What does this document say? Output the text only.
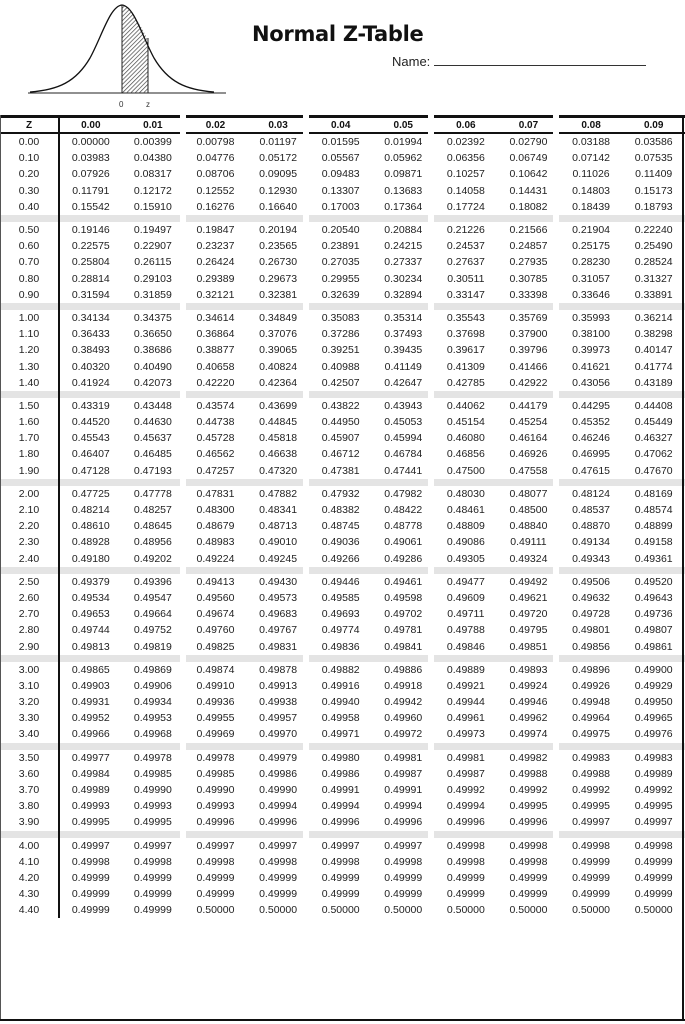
0	z
Normal Z-Table
Name:
Z	0.00	0.01	0.02	0.03	0.04	0.05	0.06	0.07	0.08	0.09
0.00	0.00000	0.00399	0.00798	0.01197	0.01595	0.01994	0.02392	0.02790	0.03188	0.03586
0.10	0.03983	0.04380	0.04776	0.05172	0.05567	0.05962	0.06356	0.06749	0.07142	0.07535
0.20	0.07926	0.08317	0.08706	0.09095	0.09483	0.09871	0.10257	0.10642	0.11026	0.11409
0.30	0.11791	0.12172	0.12552	0.12930	0.13307	0.13683	0.14058	0.14431	0.14803	0.15173
0.40	0.15542	0.15910	0.16276	0.16640	0.17003	0.17364	0.17724	0.18082	0.18439	0.18793

0.50	0.19146	0.19497	0.19847	0.20194	0.20540	0.20884	0.21226	0.21566	0.21904	0.22240
0.60	0.22575	0.22907	0.23237	0.23565	0.23891	0.24215	0.24537	0.24857	0.25175	0.25490
0.70	0.25804	0.26115	0.26424	0.26730	0.27035	0.27337	0.27637	0.27935	0.28230	0.28524
0.80	0.28814	0.29103	0.29389	0.29673	0.29955	0.30234	0.30511	0.30785	0.31057	0.31327
0.90	0.31594	0.31859	0.32121	0.32381	0.32639	0.32894	0.33147	0.33398	0.33646	0.33891

1.00	0.34134	0.34375	0.34614	0.34849	0.35083	0.35314	0.35543	0.35769	0.35993	0.36214
1.10	0.36433	0.36650	0.36864	0.37076	0.37286	0.37493	0.37698	0.37900	0.38100	0.38298
1.20	0.38493	0.38686	0.38877	0.39065	0.39251	0.39435	0.39617	0.39796	0.39973	0.40147
1.30	0.40320	0.40490	0.40658	0.40824	0.40988	0.41149	0.41309	0.41466	0.41621	0.41774
1.40	0.41924	0.42073	0.42220	0.42364	0.42507	0.42647	0.42785	0.42922	0.43056	0.43189

1.50	0.43319	0.43448	0.43574	0.43699	0.43822	0.43943	0.44062	0.44179	0.44295	0.44408
1.60	0.44520	0.44630	0.44738	0.44845	0.44950	0.45053	0.45154	0.45254	0.45352	0.45449
1.70	0.45543	0.45637	0.45728	0.45818	0.45907	0.45994	0.46080	0.46164	0.46246	0.46327
1.80	0.46407	0.46485	0.46562	0.46638	0.46712	0.46784	0.46856	0.46926	0.46995	0.47062
1.90	0.47128	0.47193	0.47257	0.47320	0.47381	0.47441	0.47500	0.47558	0.47615	0.47670

2.00	0.47725	0.47778	0.47831	0.47882	0.47932	0.47982	0.48030	0.48077	0.48124	0.48169
2.10	0.48214	0.48257	0.48300	0.48341	0.48382	0.48422	0.48461	0.48500	0.48537	0.48574
2.20	0.48610	0.48645	0.48679	0.48713	0.48745	0.48778	0.48809	0.48840	0.48870	0.48899
2.30	0.48928	0.48956	0.48983	0.49010	0.49036	0.49061	0.49086	0.49111	0.49134	0.49158
2.40	0.49180	0.49202	0.49224	0.49245	0.49266	0.49286	0.49305	0.49324	0.49343	0.49361

2.50	0.49379	0.49396	0.49413	0.49430	0.49446	0.49461	0.49477	0.49492	0.49506	0.49520
2.60	0.49534	0.49547	0.49560	0.49573	0.49585	0.49598	0.49609	0.49621	0.49632	0.49643
2.70	0.49653	0.49664	0.49674	0.49683	0.49693	0.49702	0.49711	0.49720	0.49728	0.49736
2.80	0.49744	0.49752	0.49760	0.49767	0.49774	0.49781	0.49788	0.49795	0.49801	0.49807
2.90	0.49813	0.49819	0.49825	0.49831	0.49836	0.49841	0.49846	0.49851	0.49856	0.49861

3.00	0.49865	0.49869	0.49874	0.49878	0.49882	0.49886	0.49889	0.49893	0.49896	0.49900
3.10	0.49903	0.49906	0.49910	0.49913	0.49916	0.49918	0.49921	0.49924	0.49926	0.49929
3.20	0.49931	0.49934	0.49936	0.49938	0.49940	0.49942	0.49944	0.49946	0.49948	0.49950
3.30	0.49952	0.49953	0.49955	0.49957	0.49958	0.49960	0.49961	0.49962	0.49964	0.49965
3.40	0.49966	0.49968	0.49969	0.49970	0.49971	0.49972	0.49973	0.49974	0.49975	0.49976

3.50	0.49977	0.49978	0.49978	0.49979	0.49980	0.49981	0.49981	0.49982	0.49983	0.49983
3.60	0.49984	0.49985	0.49985	0.49986	0.49986	0.49987	0.49987	0.49988	0.49988	0.49989
3.70	0.49989	0.49990	0.49990	0.49990	0.49991	0.49991	0.49992	0.49992	0.49992	0.49992
3.80	0.49993	0.49993	0.49993	0.49994	0.49994	0.49994	0.49994	0.49995	0.49995	0.49995
3.90	0.49995	0.49995	0.49996	0.49996	0.49996	0.49996	0.49996	0.49996	0.49997	0.49997

4.00	0.49997	0.49997	0.49997	0.49997	0.49997	0.49997	0.49998	0.49998	0.49998	0.49998
4.10	0.49998	0.49998	0.49998	0.49998	0.49998	0.49998	0.49998	0.49998	0.49999	0.49999
4.20	0.49999	0.49999	0.49999	0.49999	0.49999	0.49999	0.49999	0.49999	0.49999	0.49999
4.30	0.49999	0.49999	0.49999	0.49999	0.49999	0.49999	0.49999	0.49999	0.49999	0.49999
4.40	0.49999	0.49999	0.50000	0.50000	0.50000	0.50000	0.50000	0.50000	0.50000	0.50000
